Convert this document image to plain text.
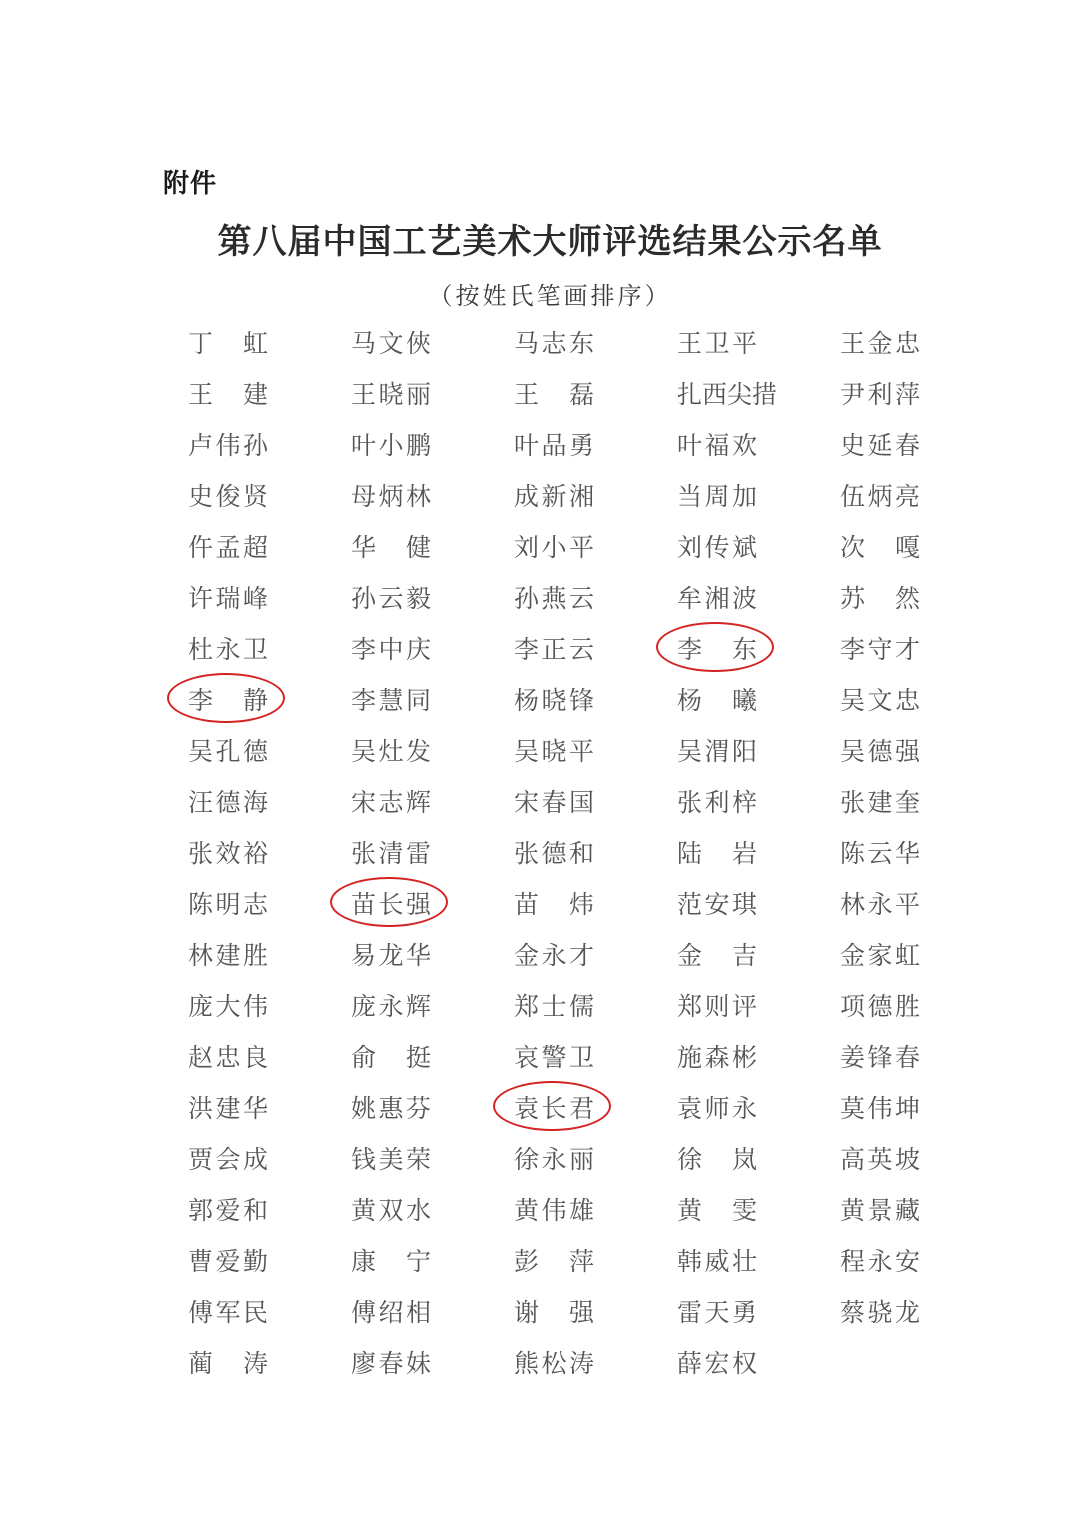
附件
第八届中国工艺美术大师评选结果公示名单
（按姓氏笔画排序）
丁 虹	马 文 俠	马 志 东	王 卫 平	王 金 忠
王 建	王 晓 丽	王 磊	扎 西 尖 措	尹 利 萍
卢 伟 孙	叶 小 鹏	叶 品 勇	叶 福 欢	史 延 春
史 俊 贤	母 炳 林	成 新 湘	当 周 加	伍 炳 亮
仵 孟 超	华 健	刘 小 平	刘 传 斌	次 嘎
许 瑞 峰	孙 云 毅	孙 燕 云	牟 湘 波	苏 然
杜 永 卫	李 中 庆	李 正 云	李 东	李 守 才
李 静	李 慧 同	杨 晓 锋	杨 曦	吴 文 忠
吴 孔 德	吴 灶 发	吴 晓 平	吴 渭 阳	吴 德 强
汪 德 海	宋 志 辉	宋 春 国	张 利 梓	张 建 奎
张 效 裕	张 清 雷	张 德 和	陆 岩	陈 云 华
陈 明 志	苗 长 强	苗 炜	范 安 琪	林 永 平
林 建 胜	易 龙 华	金 永 才	金 吉	金 家 虹
庞 大 伟	庞 永 辉	郑 士 儒	郑 则 评	项 德 胜
赵 忠 良	俞 挺	哀 警 卫	施 森 彬	姜 锋 春
洪 建 华	姚 惠 芬	袁 长 君	袁 师 永	莫 伟 坤
贾 会 成	钱 美 荣	徐 永 丽	徐 岚	高 英 坡
郭 爱 和	黄 双 水	黄 伟 雄	黄 雯	黄 景 藏
曹 爱 勤	康 宁	彭 萍	韩 威 壮	程 永 安
傅 军 民	傅 绍 相	谢 强	雷 天 勇	蔡 骁 龙
蔺 涛	廖 春 妹	熊 松 涛	薛 宏 权
